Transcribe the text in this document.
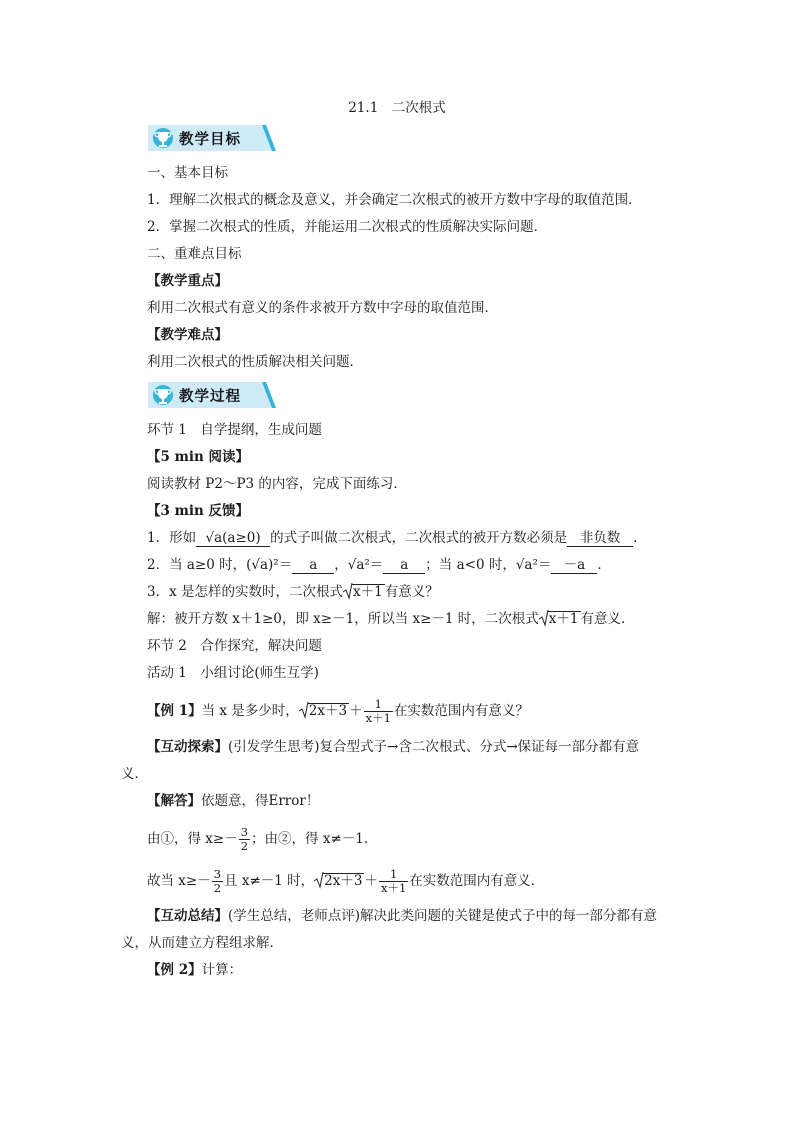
21.1　二次根式
教学目标
一、基本目标
1．理解二次根式的概念及意义，并会确定二次根式的被开方数中字母的取值范围．
2．掌握二次根式的性质，并能运用二次根式的性质解决实际问题．
二、重难点目标
【教学重点】
利用二次根式有意义的条件求被开方数中字母的取值范围．
【教学难点】
利用二次根式的性质解决相关问题．
教学过程
环节 1　自学提纲，生成问题
【5 min 阅读】
阅读教材 P2～P3 的内容，完成下面练习．
【3 min 反馈】
1．形如 √a(a≥0) 的式子叫做二次根式，二次根式的被开方数必须是 非负数 ．
2．当 a≥0 时，(√a)²＝ a ，√a²＝ a ；当 a<0 时，√a²＝ －a ．
3．x 是怎样的实数时，二次根式 x＋1 有意义？
解：被开方数 x＋1≥0，即 x≥－1，所以当 x≥－1 时，二次根式 x＋1 有意义．
环节 2　合作探究，解决问题
活动 1　小组讨论(师生互学)
【例 1】当 x 是多少时， $2x+3 + \frac{1}{x+1}$ 在实数范围内有意义？
【互动探索】(引发学生思考)复合型式子→含二次根式、分式→保证每一部分都有意
义．
【解答】依题意，得Error！
由①，得 $x\ge- \frac{3}{2}$ ；由②，得 x≠－1.
故当 $x\ge- \frac{3}{2}$ 且 x≠－1 时， $2x+3 + \frac{1}{x+1}$ 在实数范围内有意义．
【互动总结】(学生总结，老师点评)解决此类问题的关键是使式子中的每一部分都有意
义，从而建立方程组求解．
【例 2】计算：
